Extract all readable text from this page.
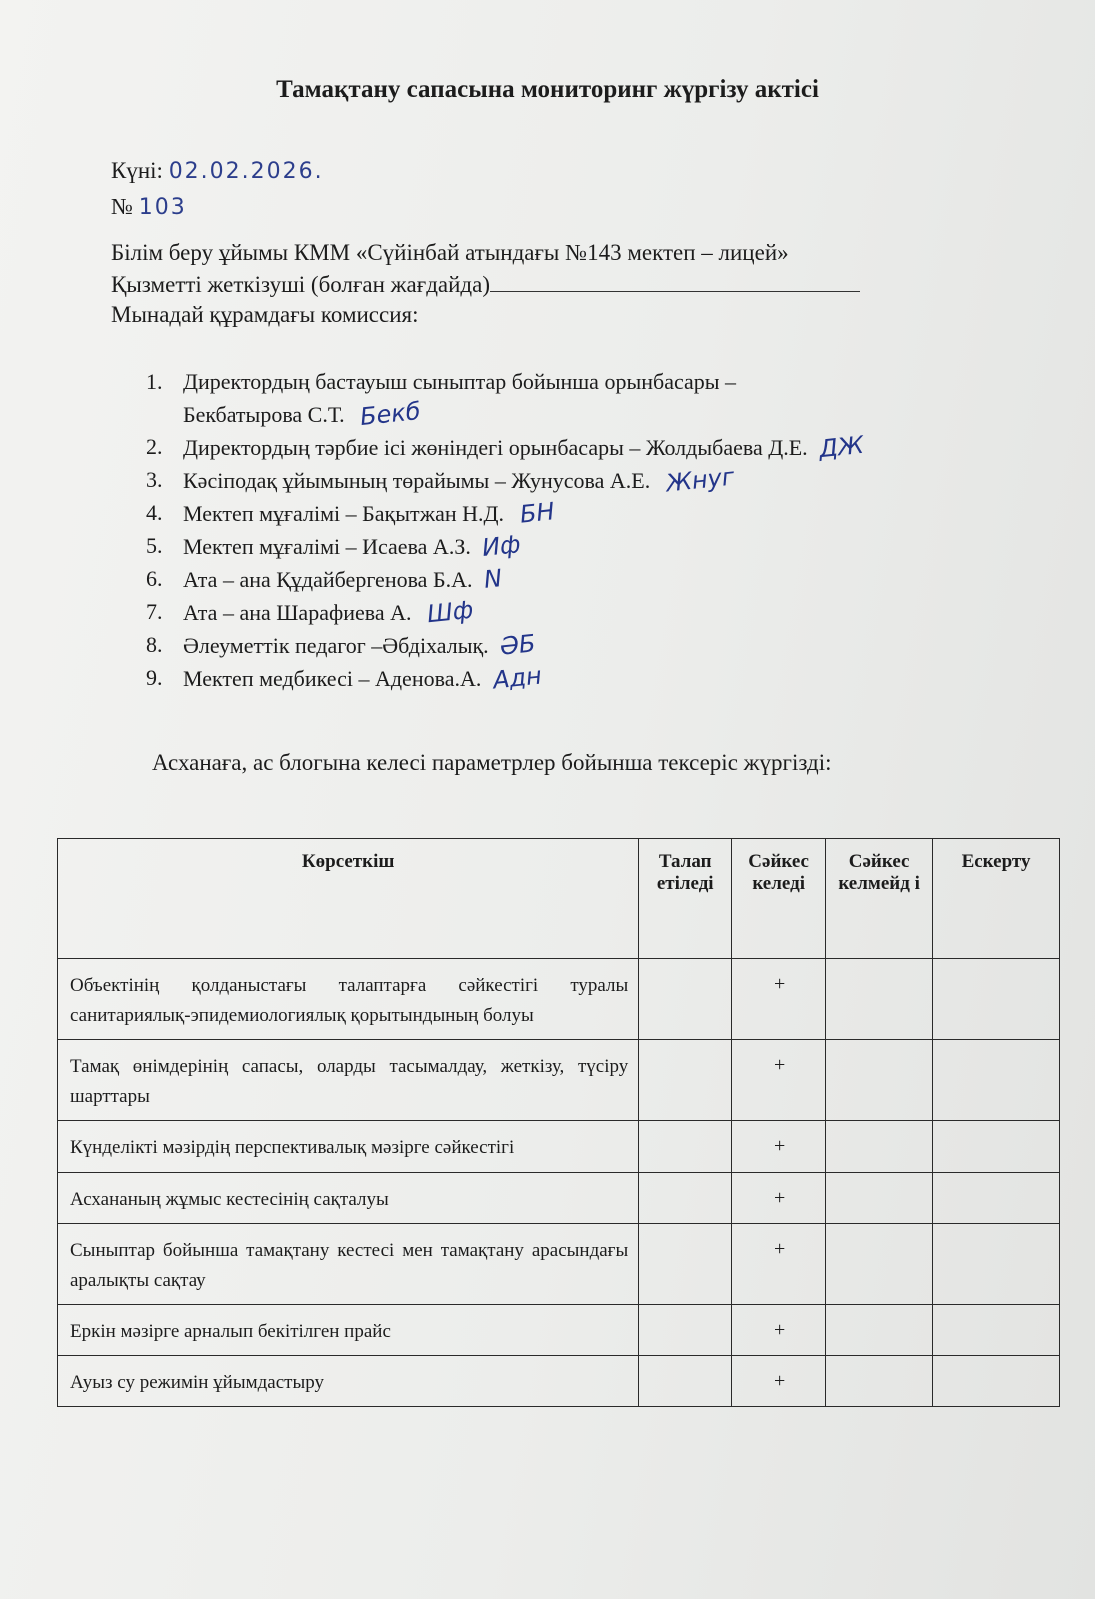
Тамақтану сапасына мониторинг жүргізу актісі
Күні: 02.02.2026.
№ 103
Білім беру ұйымы КММ «Сүйінбай атындағы №143 мектеп – лицей»
Қызметті жеткізуші (болған жағдайда)
Мынадай құрамдағы комиссия:
1. Директордың бастауыш сыныптар бойынша орынбасары –
Бекбатырова С.Т. Бекб
2. Директордың тәрбие ісі жөніндегі орынбасары – Жолдыбаева Д.Е. ДЖ
3. Кәсіподақ ұйымының төрайымы – Жунусова А.Е. Жнуг
4. Мектеп мұғалімі – Бақытжан Н.Д. БН
5. Мектеп мұғалімі – Исаева А.З. Иф
6. Ата – ана Құдайбергенова Б.А. N
7. Ата – ана Шарафиева А. Шф
8. Әлеуметтік педагог –Әбдіхалық. ӘБ
9. Мектеп медбикесі – Аденова.А. Адн
Асханаға, ас блогына келесі параметрлер бойынша тексеріс жүргізді:
Көрсеткіш	Талап етіледі	Сәйкес келеді	Сәйкес келмейд і	Ескерту
Объектінің қолданыстағы талаптарға сәйкестігі туралы санитариялық-эпидемиологиялық қорытындының болуы		+		
Тамақ өнімдерінің сапасы, оларды тасымалдау, жеткізу, түсіру шарттары		+		
Күнделікті мәзірдің перспективалық мәзірге сәйкестігі		+		
Асхананың жұмыс кестесінің сақталуы		+		
Сыныптар бойынша тамақтану кестесі мен тамақтану арасындағы аралықты сақтау		+		
Еркін мәзірге арналып бекітілген прайс		+		
Ауыз су режимін ұйымдастыру		+		
